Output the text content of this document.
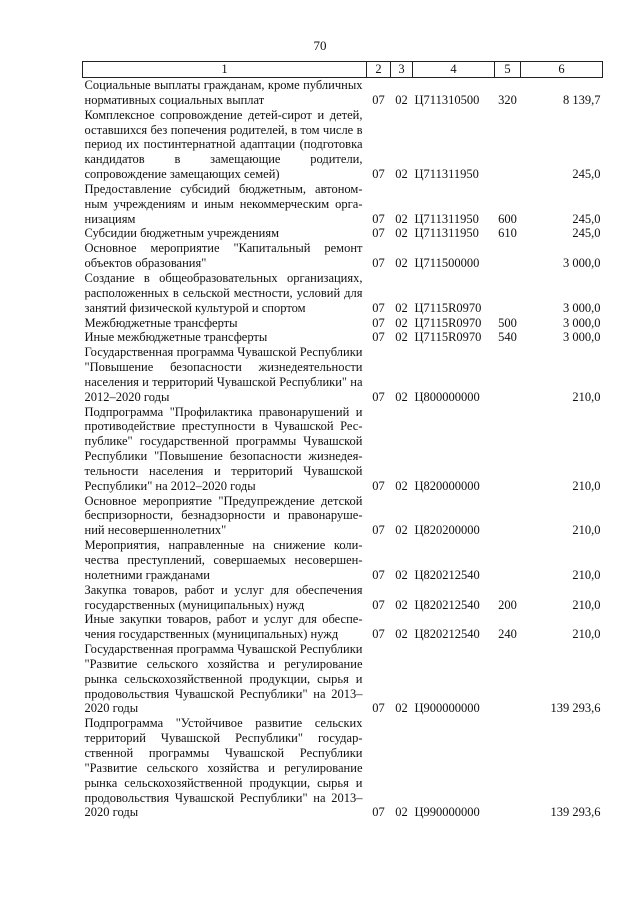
70
1	2	3	4	5	6
Социальные выплаты гражданам, кроме публичных нормативных социальных выплат	07	02	Ц711310500	320	8 139,7
Комплексное сопровождение детей-сирот и детей, оставшихся без попечения родителей, в том числе в период их постинтернатной адаптации (подготовка кандидатов в замещающие родители, сопровождение замещающих семей)	07	02	Ц711311950		245,0
Предоставление субсидий бюджетным, автономным учреждениям и иным некоммерческим организациям	07	02	Ц711311950	600	245,0
Субсидии бюджетным учреждениям	07	02	Ц711311950	610	245,0
Основное мероприятие "Капитальный ремонт объектов образования"	07	02	Ц711500000		3 000,0
Создание в общеобразовательных организациях, расположенных в сельской местности, условий для занятий физической культурой и спортом	07	02	Ц7115R0970		3 000,0
Межбюджетные трансферты	07	02	Ц7115R0970	500	3 000,0
Иные межбюджетные трансферты	07	02	Ц7115R0970	540	3 000,0
Государственная программа Чувашской Республики "Повышение безопасности жизнедеятельности населения и территорий Чувашской Республики" на 2012–2020 годы	07	02	Ц800000000		210,0
Подпрограмма "Профилактика правонарушений и противодействие преступности в Чувашской Республике" государственной программы Чувашской Республики "Повышение безопасности жизнедеятельности населения и территорий Чувашской Республики" на 2012–2020 годы	07	02	Ц820000000		210,0
Основное мероприятие "Предупреждение детской беспризорности, безнадзорности и правонарушений несовершеннолетних"	07	02	Ц820200000		210,0
Мероприятия, направленные на снижение количества преступлений, совершаемых несовершеннолетними гражданами	07	02	Ц820212540		210,0
Закупка товаров, работ и услуг для обеспечения государственных (муниципальных) нужд	07	02	Ц820212540	200	210,0
Иные закупки товаров, работ и услуг для обеспечения государственных (муниципальных) нужд	07	02	Ц820212540	240	210,0
Государственная программа Чувашской Республики "Развитие сельского хозяйства и регулирование рынка сельскохозяйственной продукции, сырья и продовольствия Чувашской Республики" на 2013–2020 годы	07	02	Ц900000000		139 293,6
Подпрограмма "Устойчивое развитие сельских территорий Чувашской Республики" государственной программы Чувашской Республики "Развитие сельского хозяйства и регулирование рынка сельскохозяйственной продукции, сырья и продовольствия Чувашской Республики" на 2013–2020 годы	07	02	Ц990000000		139 293,6
